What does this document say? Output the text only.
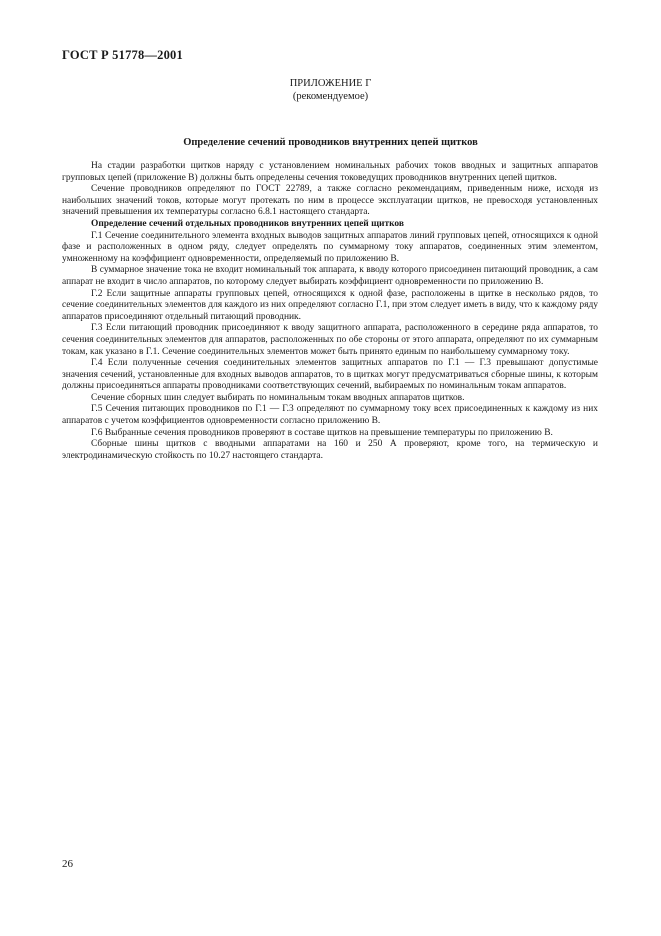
ГОСТ Р 51778—2001
ПРИЛОЖЕНИЕ Г
(рекомендуемое)
Определение сечений проводников внутренних цепей щитков

На стадии разработки щитков наряду с установлением номинальных рабочих токов вводных и защитных аппаратов групповых цепей (приложение В) должны быть определены сечения токоведущих проводников внутренних цепей щитков.

Сечение проводников определяют по ГОСТ 22789, а также согласно рекомендациям, приведенным ниже, исходя из наибольших значений токов, которые могут протекать по ним в процессе эксплуатации щитков, не превосходя установленных значений превышения их температуры согласно 6.8.1 настоящего стандарта.

Определение сечений отдельных проводников внутренних цепей щитков

Г.1 Сечение соединительного элемента входных выводов защитных аппаратов линий групповых цепей, относящихся к одной фазе и расположенных в одном ряду, следует определять по суммарному току аппаратов, соединенных этим элементом, умноженному на коэффициент одновременности, определяемый по приложению В.

В суммарное значение тока не входит номинальный ток аппарата, к вводу которого присоединен питающий проводник, а сам аппарат не входит в число аппаратов, по которому следует выбирать коэффициент одновременности по приложению В.

Г.2 Если защитные аппараты групповых цепей, относящихся к одной фазе, расположены в щитке в несколько рядов, то сечение соединительных элементов для каждого из них определяют согласно Г.1, при этом следует иметь в виду, что к каждому ряду аппаратов присоединяют отдельный питающий проводник.

Г.3 Если питающий проводник присоединяют к вводу защитного аппарата, расположенного в середине ряда аппаратов, то сечения соединительных элементов для аппаратов, расположенных по обе стороны от этого аппарата, определяют по их суммарным токам, как указано в Г.1. Сечение соединительных элементов может быть принято единым по наибольшему суммарному току.

Г.4 Если полученные сечения соединительных элементов защитных аппаратов по Г.1 — Г.3 превышают допустимые значения сечений, установленные для входных выводов аппаратов, то в щитках могут предусматриваться сборные шины, к которым должны присоединяться аппараты проводниками соответствующих сечений, выбираемых по номинальным токам аппаратов.

Сечение сборных шин следует выбирать по номинальным токам вводных аппаратов щитков.

Г.5 Сечения питающих проводников по Г.1 — Г.3 определяют по суммарному току всех присоединенных к каждому из них аппаратов с учетом коэффициентов одновременности согласно приложению В.

Г.6 Выбранные сечения проводников проверяют в составе щитков на превышение температуры по приложению В.

Сборные шины щитков с вводными аппаратами на 160 и 250 А проверяют, кроме того, на термическую и электродинамическую стойкость по 10.27 настоящего стандарта.

26
